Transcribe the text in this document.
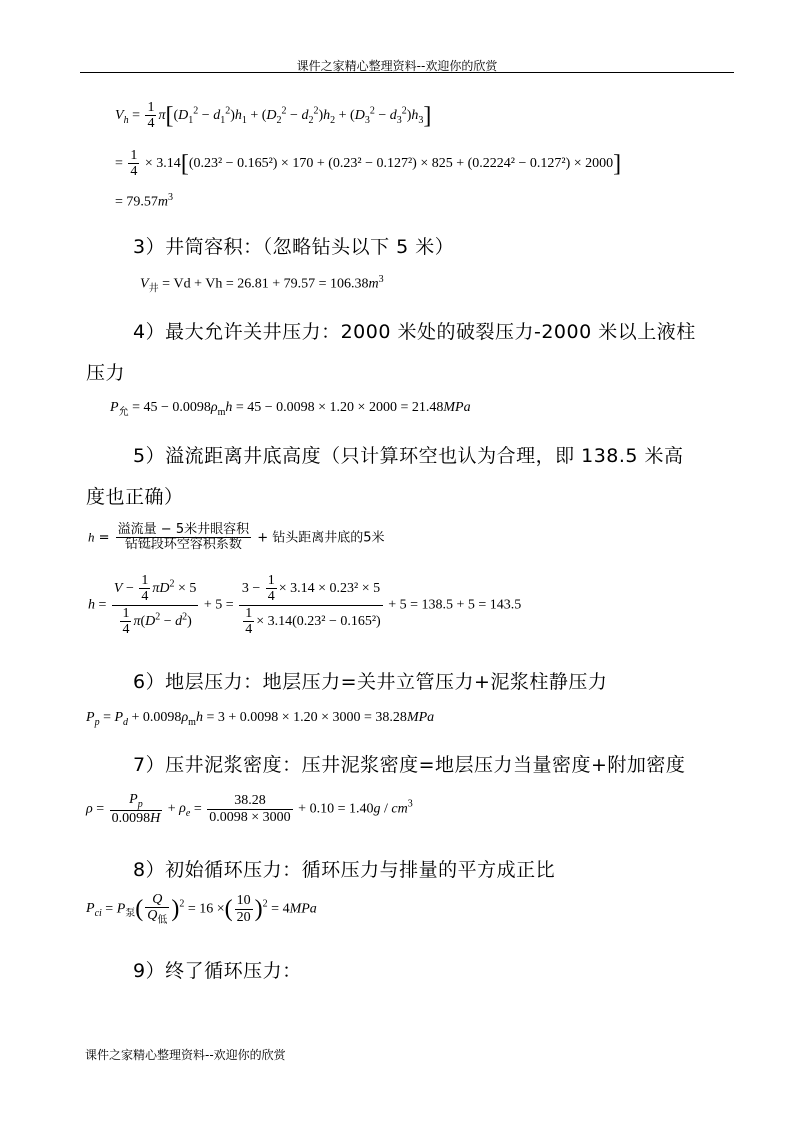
课件之家精心整理资料--欢迎你的欣赏
$V_h = \frac{1}{4} \pi[(D_1^2 - d_1^2)h_1 + (D_2^2 - d_2^2)h_2 + (D_3^2 - d_3^2)h_3]$
= $\frac{1}{4} \times 3.14[(0.23^2 - 0.165^2) \times 170 + (0.23^2 - 0.127^2) \times 825 + (0.2224^2 - 0.127^2) \times 2000]$
= $79.57m^3$
3）井筒容积：（忽略钻头以下 5 米）
$V_井 = Vd + Vh = 26.81 + 79.57 = 106.38m^3$
4）最大允许关井压力：2000 米处的破裂压力-2000 米以上液柱
压力
$P_允 = 45 - 0.0098\rho_mh = 45 - 0.0098 \times 1.20 \times 2000 = 21.48MPa$
5）溢流距离井底高度（只计算环空也认为合理，即 138.5 米高
度也正确）
$h = \frac{\text{溢流量 − 5米井眼容积}}{\text{钻铤段环空容积系数}}$ + 钻头距离井底的5米
$h = \frac{V - \frac{1}{4} \pi D^2 \times 5}{\frac{1}{4} \pi(D^2 - d^2)} + 5 = \frac{3 - \frac{1}{4} \times 3.14 \times 0.23^2 \times 5}{\frac{1}{4} \times 3.14(0.23^2 - 0.165^2)} + 5 = 138.5 + 5 = 143.5$
6）地层压力：地层压力=关井立管压力+泥浆柱静压力
$P_p = P_d + 0.0098\rho_mh = 3 + 0.0098 \times 1.20 \times 3000 = 38.28MPa$
7）压井泥浆密度：压井泥浆密度=地层压力当量密度+附加密度
$\rho = \frac{P_p}{0.0098H} + \rho_e = \frac{38.28}{0.0098 \times 3000} + 0.10 = 1.40g / cm^3$
8）初始循环压力：循环压力与排量的平方成正比
$P_{ci} = P_泵( \frac{Q}{Q_低} )^2 = 16$ ×( $\frac{10}{20} )^2 = 4MPa$
9）终了循环压力：
课件之家精心整理资料--欢迎你的欣赏
